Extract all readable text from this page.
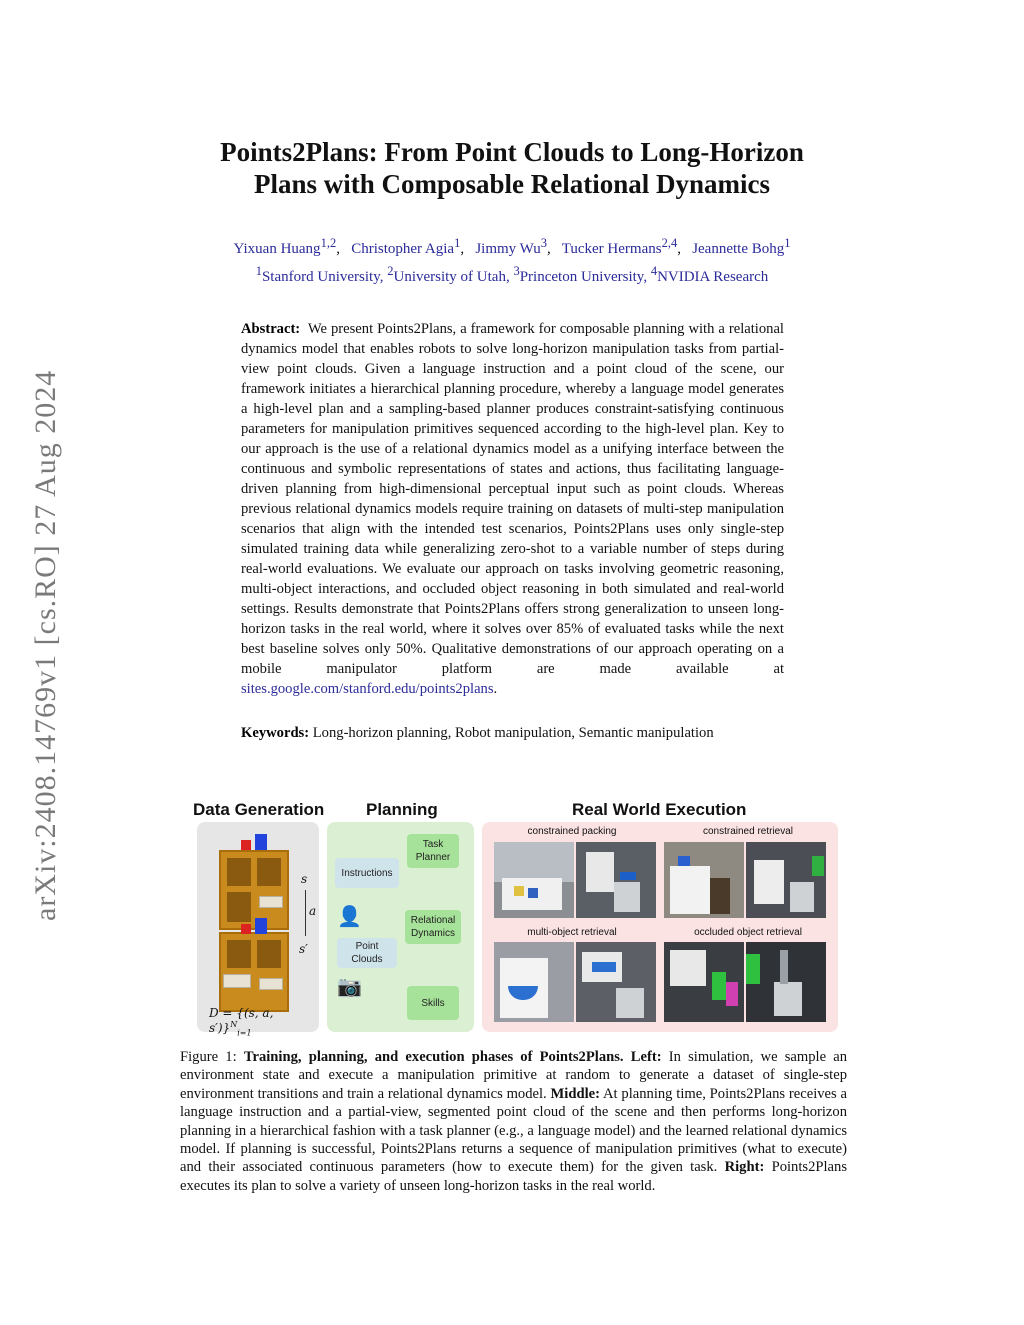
arXiv:2408.14769v1 [cs.RO] 27 Aug 2024
Points2Plans: From Point Clouds to Long-Horizon
Plans with Composable Relational Dynamics
Yixuan Huang$^{1,2}$,   Christopher Agia$^1$,   Jimmy Wu$^3$,   Tucker Hermans$^{2,4}$,   Jeannette Bohg$^1$
$^1$Stanford University, $^2$University of Utah, $^3$Princeton University, $^4$NVIDIA Research
Abstract: We present Points2Plans, a framework for composable planning with a relational dynamics model that enables robots to solve long-horizon manipulation tasks from partial-view point clouds. Given a language instruction and a point cloud of the scene, our framework initiates a hierarchical planning procedure, whereby a language model generates a high-level plan and a sampling-based planner produces constraint-satisfying continuous parameters for manipulation primitives sequenced according to the high-level plan. Key to our approach is the use of a relational dynamics model as a unifying interface between the continuous and symbolic representations of states and actions, thus facilitating language-driven planning from high-dimensional perceptual input such as point clouds. Whereas previous relational dynamics models require training on datasets of multi-step manipulation scenarios that align with the intended test scenarios, Points2Plans uses only single-step simulated training data while generalizing zero-shot to a variable number of steps during real-world evaluations. We evaluate our approach on tasks involving geometric reasoning, multi-object interactions, and occluded object reasoning in both simulated and real-world settings. Results demonstrate that Points2Plans offers strong generalization to unseen long-horizon tasks in the real world, where it solves over 85% of evaluated tasks while the next best baseline solves only 50%. Qualitative demonstrations of our approach operating on a mobile manipulator platform are made available at sites.google.com/stanford.edu/points2plans.
Keywords: Long-horizon planning, Robot manipulation, Semantic manipulation
Data Generation Planning	Real World Execution
s
a
s′
D = {(s, a, s′)}$^N_{i=1}$
Instructions
👤
Point
Clouds
📷
Task
Planner
Relational
Dynamics
Skills
constrained packing	constrained retrieval
multi-object retrieval	occluded object retrieval
Figure 1: Training, planning, and execution phases of Points2Plans. Left: In simulation, we sample an environment state and execute a manipulation primitive at random to generate a dataset of single-step environment transitions and train a relational dynamics model. Middle: At planning time, Points2Plans receives a language instruction and a partial-view, segmented point cloud of the scene and then performs long-horizon planning in a hierarchical fashion with a task planner (e.g., a language model) and the learned relational dynamics model. If planning is successful, Points2Plans returns a sequence of manipulation primitives (what to execute) and their associated continuous parameters (how to execute them) for the given task. Right: Points2Plans executes its plan to solve a variety of unseen long-horizon tasks in the real world.
